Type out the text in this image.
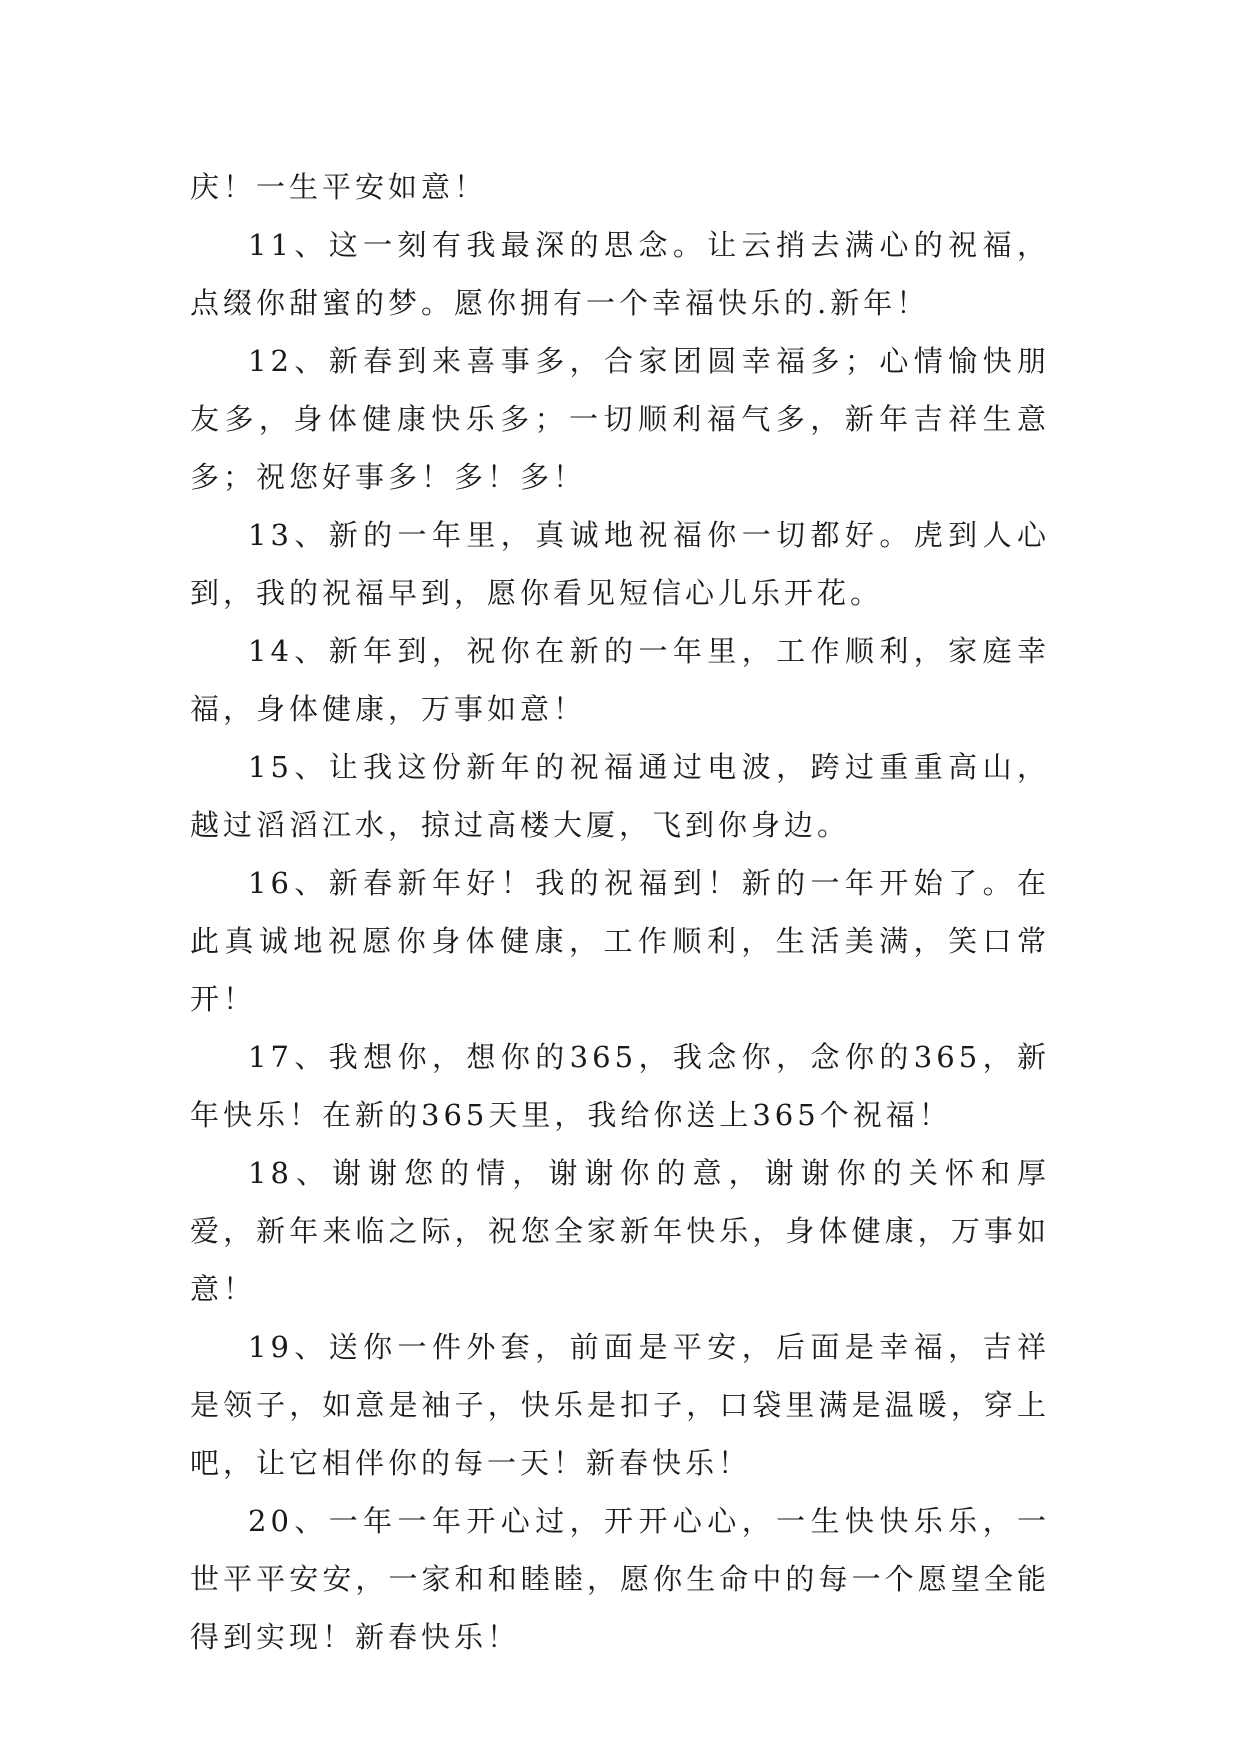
庆！一生平安如意！

11、这一刻有我最深的思念。让云捎去满心的祝福，点缀你甜蜜的梦。愿你拥有一个幸福快乐的.新年！

12、新春到来喜事多，合家团圆幸福多；心情愉快朋友多，身体健康快乐多；一切顺利福气多，新年吉祥生意多；祝您好事多！多！多！

13、新的一年里，真诚地祝福你一切都好。虎到人心到，我的祝福早到，愿你看见短信心儿乐开花。

14、新年到，祝你在新的一年里，工作顺利，家庭幸福，身体健康，万事如意！

15、让我这份新年的祝福通过电波，跨过重重高山，越过滔滔江水，掠过高楼大厦，飞到你身边。

16、新春新年好！我的祝福到！新的一年开始了。在此真诚地祝愿你身体健康，工作顺利，生活美满，笑口常开！

17、我想你，想你的365，我念你，念你的365，新年快乐！在新的365天里，我给你送上365个祝福！

18、谢谢您的情，谢谢你的意，谢谢你的关怀和厚爱，新年来临之际，祝您全家新年快乐，身体健康，万事如意！

19、送你一件外套，前面是平安，后面是幸福，吉祥是领子，如意是袖子，快乐是扣子，口袋里满是温暖，穿上吧，让它相伴你的每一天！新春快乐！

20、一年一年开心过，开开心心，一生快快乐乐，一世平平安安，一家和和睦睦，愿你生命中的每一个愿望全能得到实现！新春快乐！
